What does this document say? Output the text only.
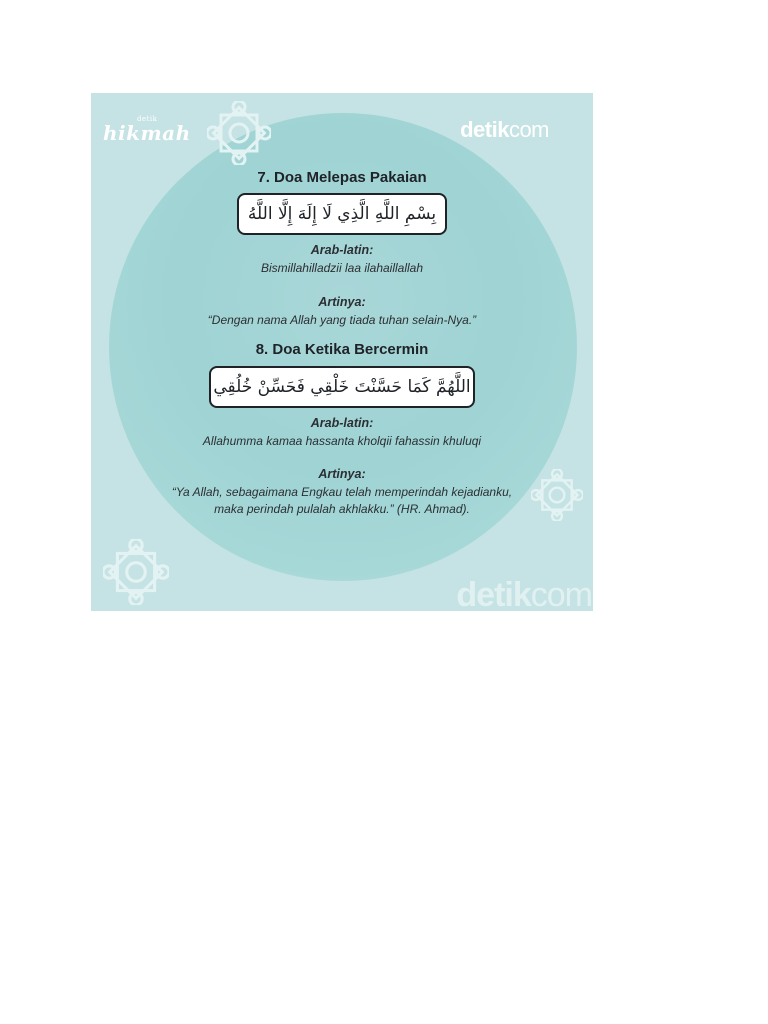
detik
hikmah	detikcom
detikcom
7. Doa Melepas Pakaian
بِسْمِ اللَّهِ الَّذِي لَا إِلَهَ إِلَّا اللَّهُ
Arab-latin:
Bismillahilladzii laa ilahaillallah
Artinya:
“Dengan nama Allah yang tiada tuhan selain-Nya.”
8. Doa Ketika Bercermin
اللَّهُمَّ كَمَا حَسَّنْتَ خَلْقِي فَحَسِّنْ خُلُقِي
Arab-latin:
Allahumma kamaa hassanta kholqii fahassin khuluqi
Artinya:
“Ya Allah, sebagaimana Engkau telah memperindah kejadianku,
maka perindah pulalah akhlakku.” (HR. Ahmad).
